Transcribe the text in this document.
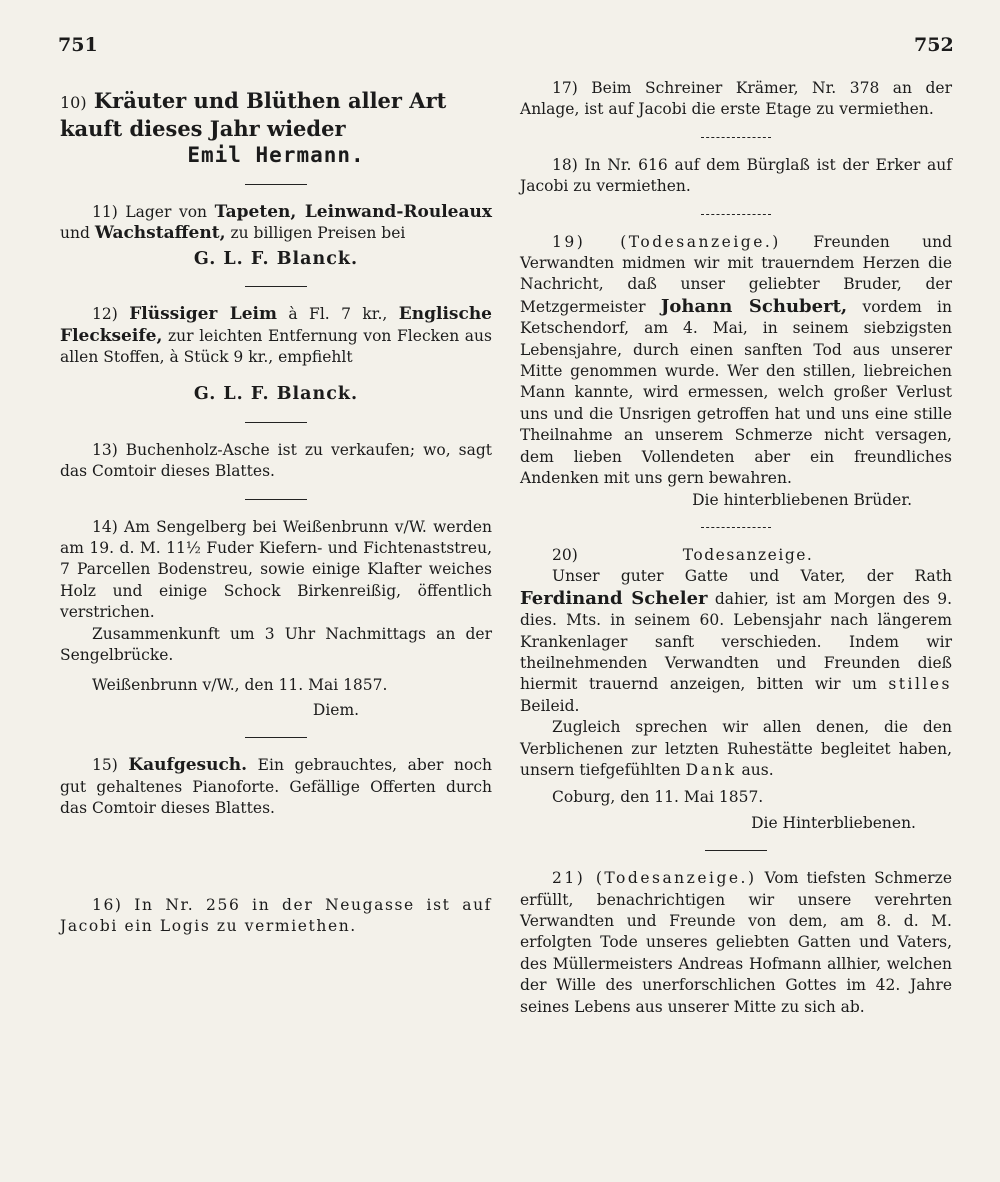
751	752

10) Kräuter und Blüthen aller Art

kauft dieses Jahr wieder

Emil Hermann.

11) Lager von Tapeten, Leinwand-Rouleaux und Wachstaffent, zu billigen Preisen bei

G. L. F. Blanck.

12) Flüssiger Leim à Fl. 7 kr., Englische Fleckseife, zur leichten Entfernung von Flecken aus allen Stoffen, à Stück 9 kr., empfiehlt

G. L. F. Blanck.

13) Buchenholz-Asche ist zu verkaufen; wo, sagt das Comtoir dieses Blattes.

14) Am Sengelberg bei Weißenbrunn v/W. werden am 19. d. M. 11½ Fuder Kiefern- und Fichtenaststreu, 7 Parcellen Bodenstreu, sowie einige Klafter weiches Holz und einige Schock Birkenreißig, öffentlich verstrichen.

Zusammenkunft um 3 Uhr Nachmittags an der Sengelbrücke.

Weißenbrunn v/W., den 11. Mai 1857.

Diem.

15) Kaufgesuch. Ein gebrauchtes, aber noch gut gehaltenes Pianoforte. Gefällige Offerten durch das Comtoir dieses Blattes.

16) In Nr. 256 in der Neugasse ist auf Jacobi ein Logis zu vermiethen.

17) Beim Schreiner Krämer, Nr. 378 an der Anlage, ist auf Jacobi die erste Etage zu vermiethen.

18) In Nr. 616 auf dem Bürglaß ist der Erker auf Jacobi zu vermiethen.

19) (Todesanzeige.) Freunden und Verwandten midmen wir mit trauerndem Herzen die Nachricht, daß unser geliebter Bruder, der Metzgermeister Johann Schubert, vordem in Ketschendorf, am 4. Mai, in seinem siebzigsten Lebensjahre, durch einen sanften Tod aus unserer Mitte genommen wurde. Wer den stillen, liebreichen Mann kannte, wird ermessen, welch großer Verlust uns und die Unsrigen getroffen hat und uns eine stille Theilnahme an unserem Schmerze nicht versagen, dem lieben Vollendeten aber ein freundliches Andenken mit uns gern bewahren.

Die hinterbliebenen Brüder.

20)	Todesanzeige.

Unser guter Gatte und Vater, der Rath Ferdinand Scheler dahier, ist am Morgen des 9. dies. Mts. in seinem 60. Lebensjahr nach längerem Krankenlager sanft verschieden. Indem wir theilnehmenden Verwandten und Freunden dieß hiermit trauernd anzeigen, bitten wir um stilles Beileid.

Zugleich sprechen wir allen denen, die den Verblichenen zur letzten Ruhestätte begleitet haben, unsern tiefgefühlten Dank aus.

Coburg, den 11. Mai 1857.

Die Hinterbliebenen.

21) (Todesanzeige.) Vom tiefsten Schmerze erfüllt, benachrichtigen wir unsere verehrten Verwandten und Freunde von dem, am 8. d. M. erfolgten Tode unseres geliebten Gatten und Vaters, des Müllermeisters Andreas Hofmann allhier, welchen der Wille des unerforschlichen Gottes im 42. Jahre seines Lebens aus unserer Mitte zu sich ab.
